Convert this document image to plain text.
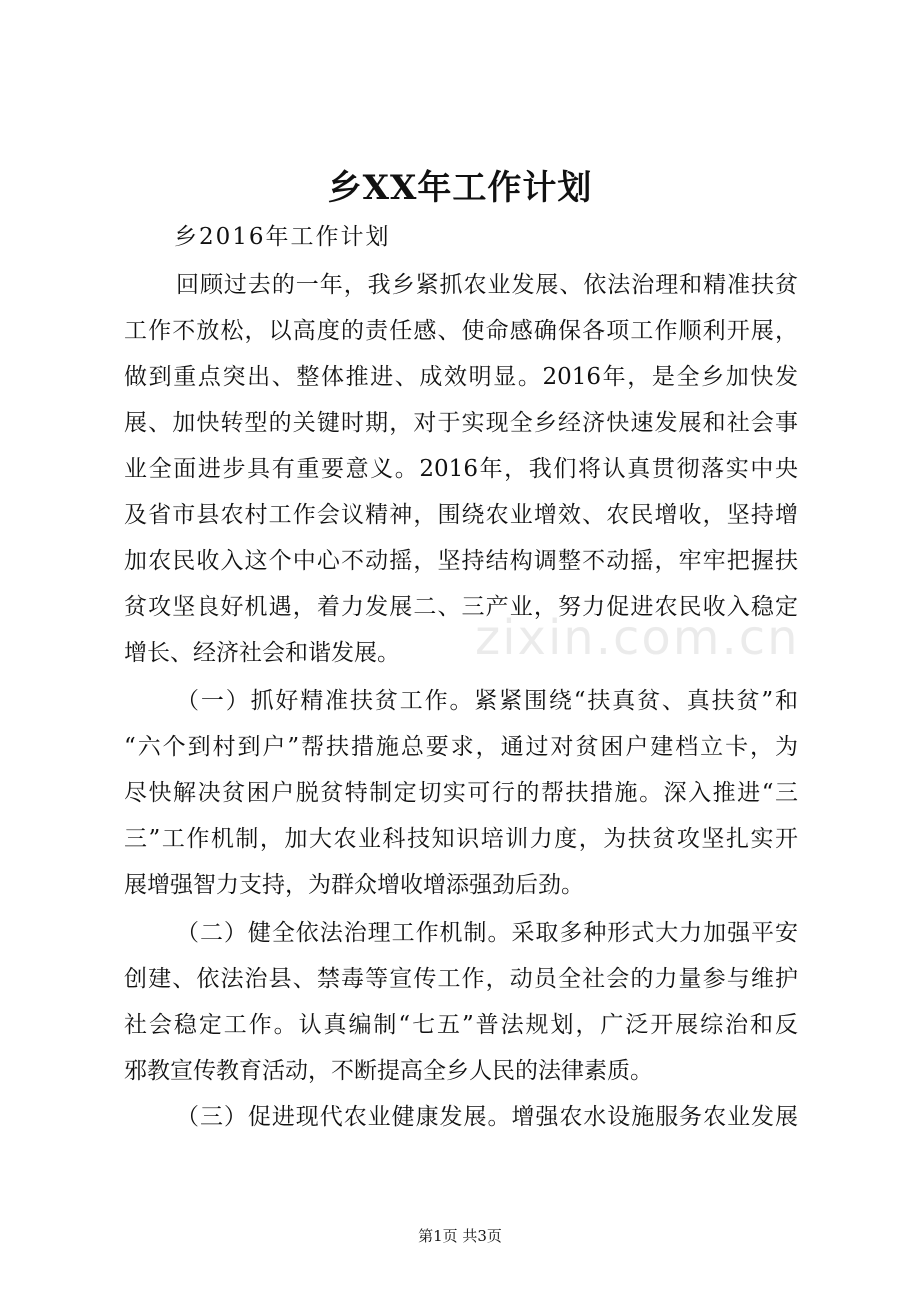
乡XX年工作计划
乡2016年工作计划
回顾过去的一年，我乡紧抓农业发展、依法治理和精准扶贫
工作不放松，以高度的责任感、使命感确保各项工作顺利开展，
做到重点突出、整体推进、成效明显。2016年，是全乡加快发
展、加快转型的关键时期，对于实现全乡经济快速发展和社会事
业全面进步具有重要意义。2016年，我们将认真贯彻落实中央
及省市县农村工作会议精神，围绕农业增效、农民增收，坚持增
加农民收入这个中心不动摇，坚持结构调整不动摇，牢牢把握扶
贫攻坚良好机遇，着力发展二、三产业，努力促进农民收入稳定
增长、经济社会和谐发展。
（一）抓好精准扶贫工作。紧紧围绕“扶真贫、真扶贫”和
“六个到村到户”帮扶措施总要求，通过对贫困户建档立卡，为
尽快解决贫困户脱贫特制定切实可行的帮扶措施。深入推进“三
三”工作机制，加大农业科技知识培训力度，为扶贫攻坚扎实开
展增强智力支持，为群众增收增添强劲后劲。
（二）健全依法治理工作机制。采取多种形式大力加强平安
创建、依法治县、禁毒等宣传工作，动员全社会的力量参与维护
社会稳定工作。认真编制“七五”普法规划，广泛开展综治和反
邪教宣传教育活动，不断提高全乡人民的法律素质。
（三）促进现代农业健康发展。增强农水设施服务农业发展
zixin.com.cn
第1页 共3页
